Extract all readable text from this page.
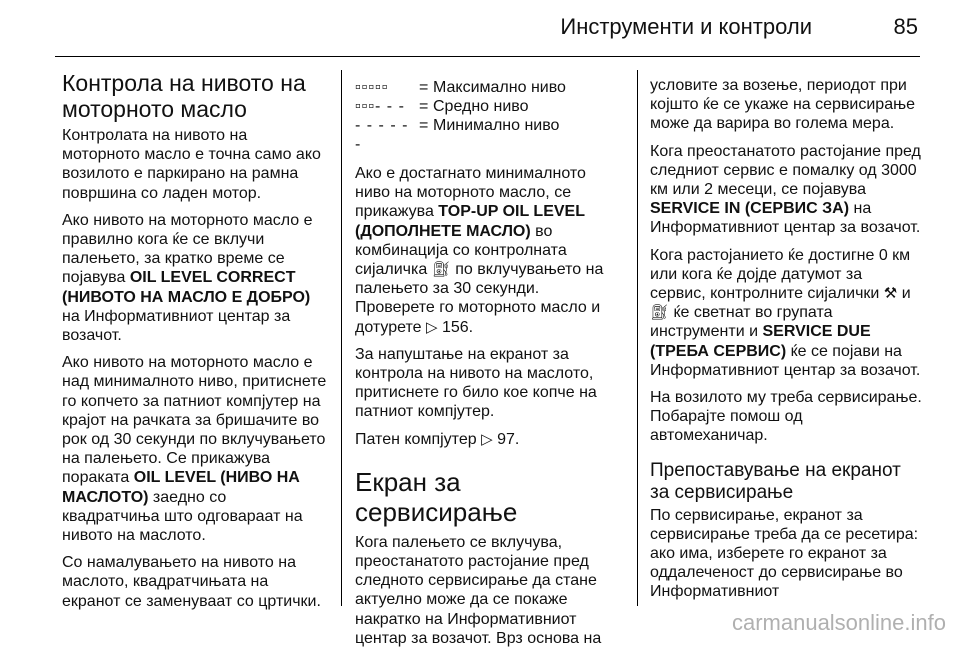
Инструменти и контроли	85
Контрола на нивото на моторното масло

Контролата на нивото на моторното масло е точна само ако возилото е паркирано на рамна површина со ладен мотор.

Ако нивото на моторното масло е правилно кога ќе се вклучи палењето, за кратко време се појавува OIL LEVEL CORRECT (НИВОТО НА МАСЛО Е ДОБРО) на Информативниот центар за возачот.

Ако нивото на моторното масло е над минималното ниво, притиснете го копчето за патниот компјутер на крајот на рачката за бришачите во рок од 30 секунди по вклучувањето на палењето. Се прикажува пораката OIL LEVEL (НИВО НА МАСЛОТО) заедно со квадратчиња што одговараат на нивото на маслото.

Со намалувањето на нивото на маслото, квадратчињата на екранот се заменуваат со цртички.

▫▫▫▫▫	= Максимално ниво
▫▫▫- - - = Средно ниво
- - - - - -
= Минимално ниво

Ако е достагнато минималното ниво на моторното масло, се прикажува TOP-UP OIL LEVEL (ДОПОЛНЕТЕ МАСЛО) во комбинација со контролната сијаличка ⛽︎ по вклучувањето на палењето за 30 секунди.

Проверете го моторното масло и дотурете ▷ 156.

За напуштање на екранот за контрола на нивото на маслото, притиснете го било кое копче на патниот компјутер.

Патен компјутер ▷ 97.

Екран за сервисирање

Кога палењето се вклучува, преостанатото растојание пред следното сервисирање да стане актуелно може да се покаже накратко на Информативниот центар за возачот. Врз основа на

условите за возење, периодот при којшто ќе се укаже на сервисирање може да варира во голема мера.

Кога преостанатото растојание пред следниот сервис е помалку од 3000 км или 2 месеци, се појавува SERVICE IN (СЕРВИС ЗА) на Информативниот центар за возачот.

Кога растојанието ќе достигне 0 км или кога ќе дојде датумот за сервис, контролните сијалички ⚒ и ⛽︎ ќе светнат во групата инструменти и SERVICE DUE (ТРЕБА СЕРВИС) ќе се појави на Информативниот центар за возачот.

На возилото му треба сервисирање. Побарајте помош од автомеханичар.

Препоставување на екранот за сервисирање

По сервисирање, екранот за сервисирање треба да се ресетира: ако има, изберете го екранот за оддалеченост до сервисирање во Информативниот

carmanualsonline.info
